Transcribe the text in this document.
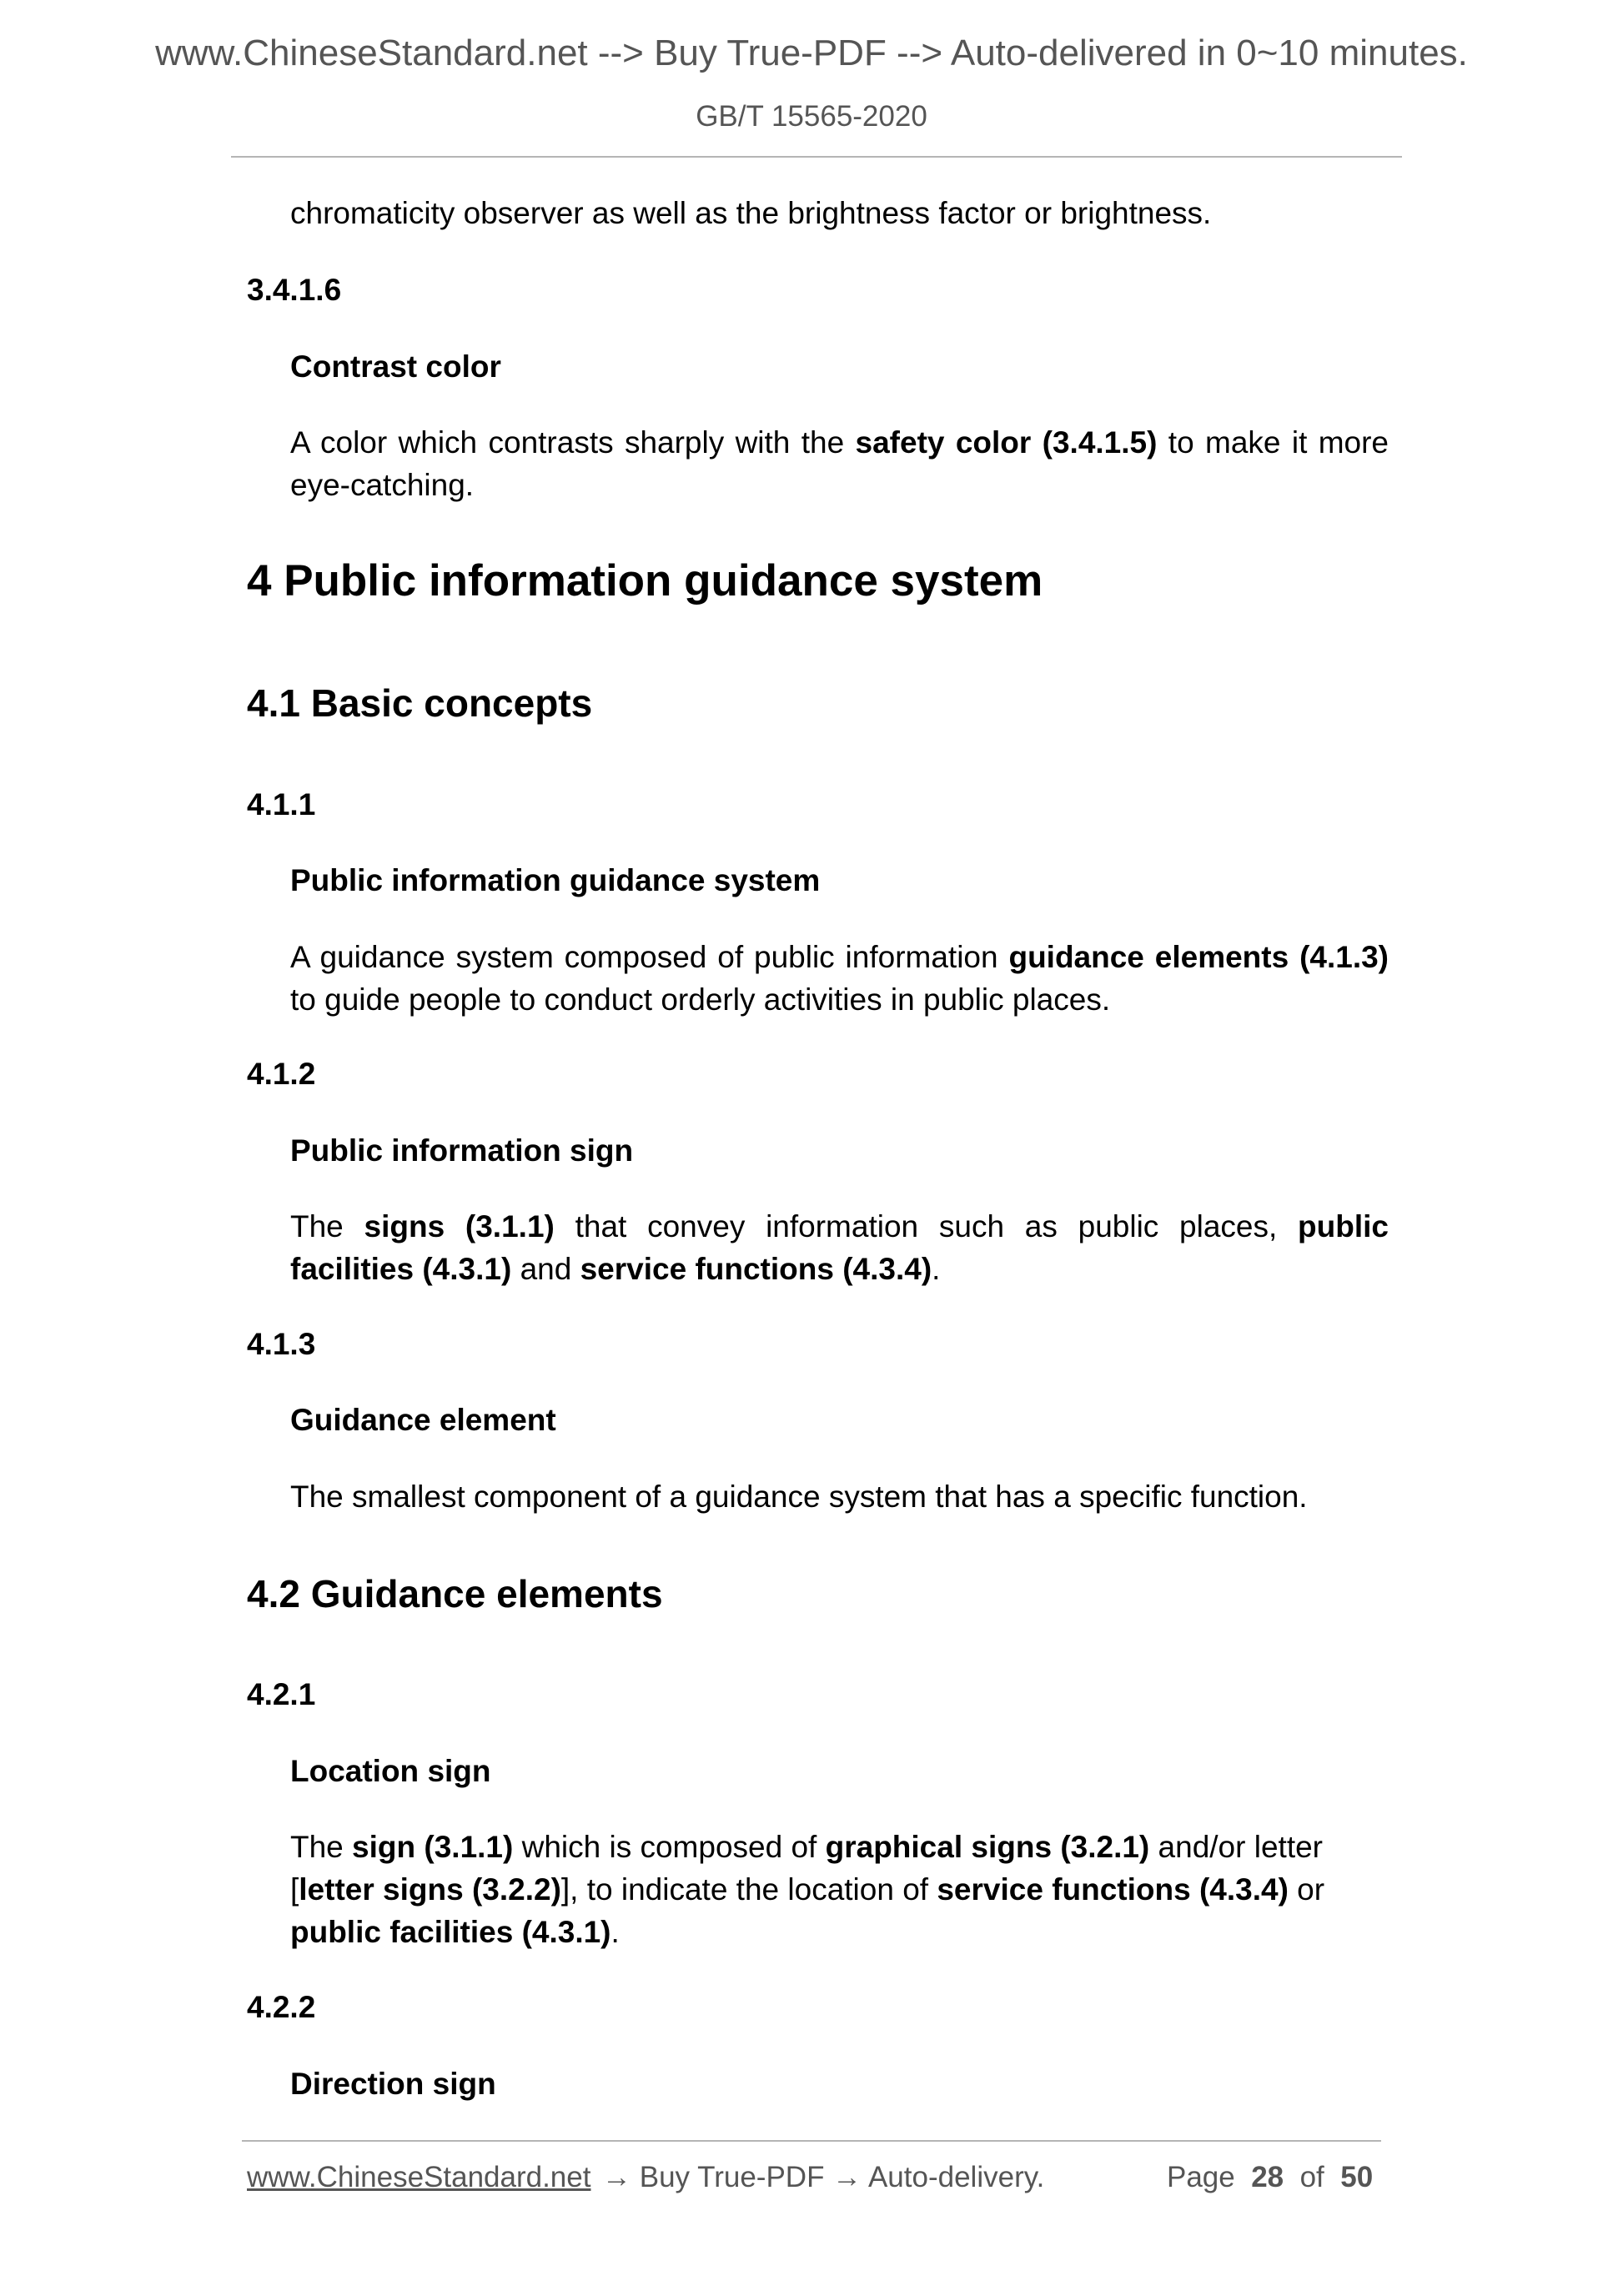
www.ChineseStandard.net --> Buy True-PDF --> Auto-delivered in 0~10 minutes.
GB/T 15565-2020
chromaticity observer as well as the brightness factor or brightness.
3.4.1.6
Contrast color
A color which contrasts sharply with the safety color (3.4.1.5) to make it more eye-catching.
4 Public information guidance system
4.1 Basic concepts
4.1.1
Public information guidance system
A guidance system composed of public information guidance elements (4.1.3) to guide people to conduct orderly activities in public places.
4.1.2
Public information sign
The signs (3.1.1) that convey information such as public places, public facilities (4.3.1) and service functions (4.3.4).
4.1.3
Guidance element
The smallest component of a guidance system that has a specific function.
4.2 Guidance elements
4.2.1
Location sign
The sign (3.1.1) which is composed of graphical signs (3.2.1) and/or letter [letter signs (3.2.2)], to indicate the location of service functions (4.3.4) or public facilities (4.3.1).
4.2.2
Direction sign
www.ChineseStandard.net → Buy True-PDF → Auto-delivery.	Page 28 of 50
